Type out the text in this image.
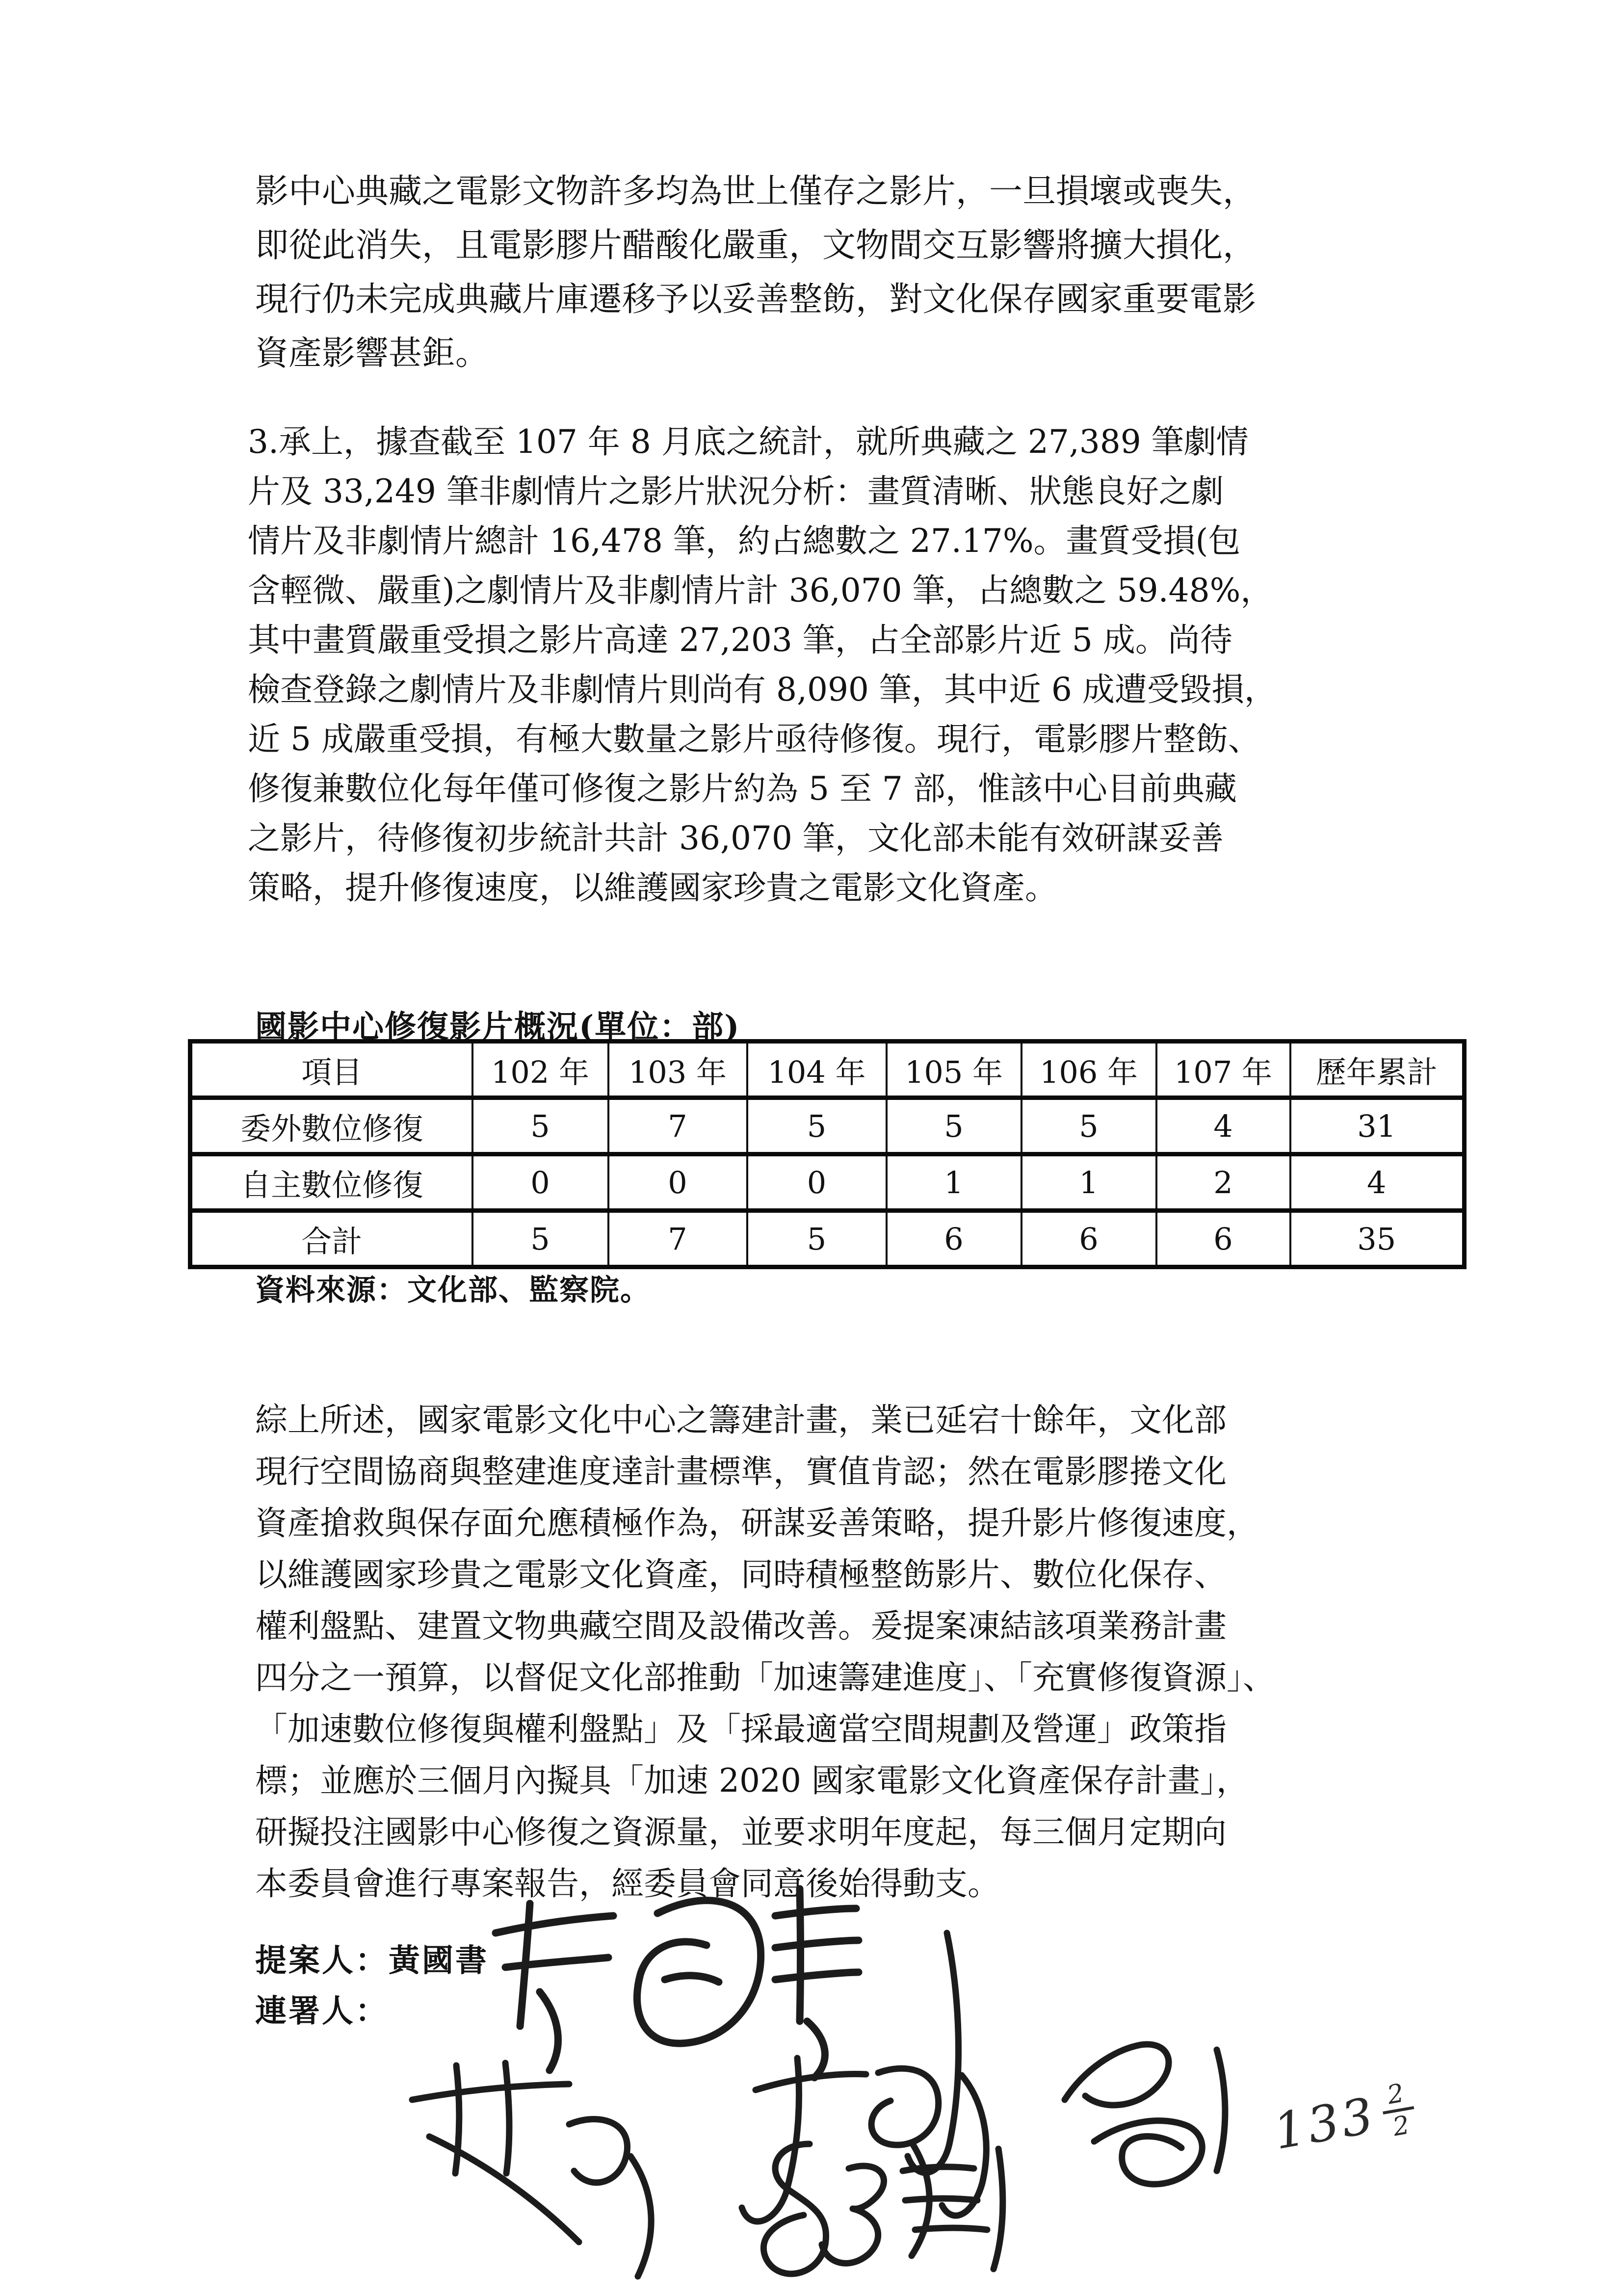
影中心典藏之電影文物許多均為世上僅存之影片，一旦損壞或喪失，
即從此消失，且電影膠片醋酸化嚴重，文物間交互影響將擴大損化，
現行仍未完成典藏片庫遷移予以妥善整飭，對文化保存國家重要電影
資產影響甚鉅。
3.承上，據查截至 107 年 8 月底之統計，就所典藏之 27,389 筆劇情
片及 33,249 筆非劇情片之影片狀況分析：畫質清晰、狀態良好之劇
情片及非劇情片總計 16,478 筆，約占總數之 27.17%。畫質受損(包
含輕微、嚴重)之劇情片及非劇情片計 36,070 筆，占總數之 59.48%，
其中畫質嚴重受損之影片高達 27,203 筆，占全部影片近 5 成。尚待
檢查登錄之劇情片及非劇情片則尚有 8,090 筆，其中近 6 成遭受毀損，
近 5 成嚴重受損，有極大數量之影片亟待修復。現行，電影膠片整飭、
修復兼數位化每年僅可修復之影片約為 5 至 7 部，惟該中心目前典藏
之影片，待修復初步統計共計 36,070 筆，文化部未能有效研謀妥善
策略，提升修復速度，以維護國家珍貴之電影文化資產。
國影中心修復影片概況(單位：部)
項目	102 年	103 年	104 年	105 年	106 年	107 年	歷年累計
委外數位修復	5	7	5	5	5	4	31
自主數位修復	0	0	0	1	1	2	4
合計	5	7	5	6	6	6	35
資料來源：文化部、監察院。
綜上所述，國家電影文化中心之籌建計畫，業已延宕十餘年，文化部
現行空間協商與整建進度達計畫標準，實值肯認；然在電影膠捲文化
資產搶救與保存面允應積極作為，研謀妥善策略，提升影片修復速度，
以維護國家珍貴之電影文化資產，同時積極整飭影片、數位化保存、
權利盤點、建置文物典藏空間及設備改善。爰提案凍結該項業務計畫
四分之一預算，以督促文化部推動「加速籌建進度」、「充實修復資源」、
「加速數位修復與權利盤點」及「採最適當空間規劃及營運」政策指
標；並應於三個月內擬具「加速 2020 國家電影文化資產保存計畫」，
研擬投注國影中心修復之資源量，並要求明年度起，每三個月定期向
本委員會進行專案報告，經委員會同意後始得動支。
提案人：黃國書
連署人：
133 2
2
